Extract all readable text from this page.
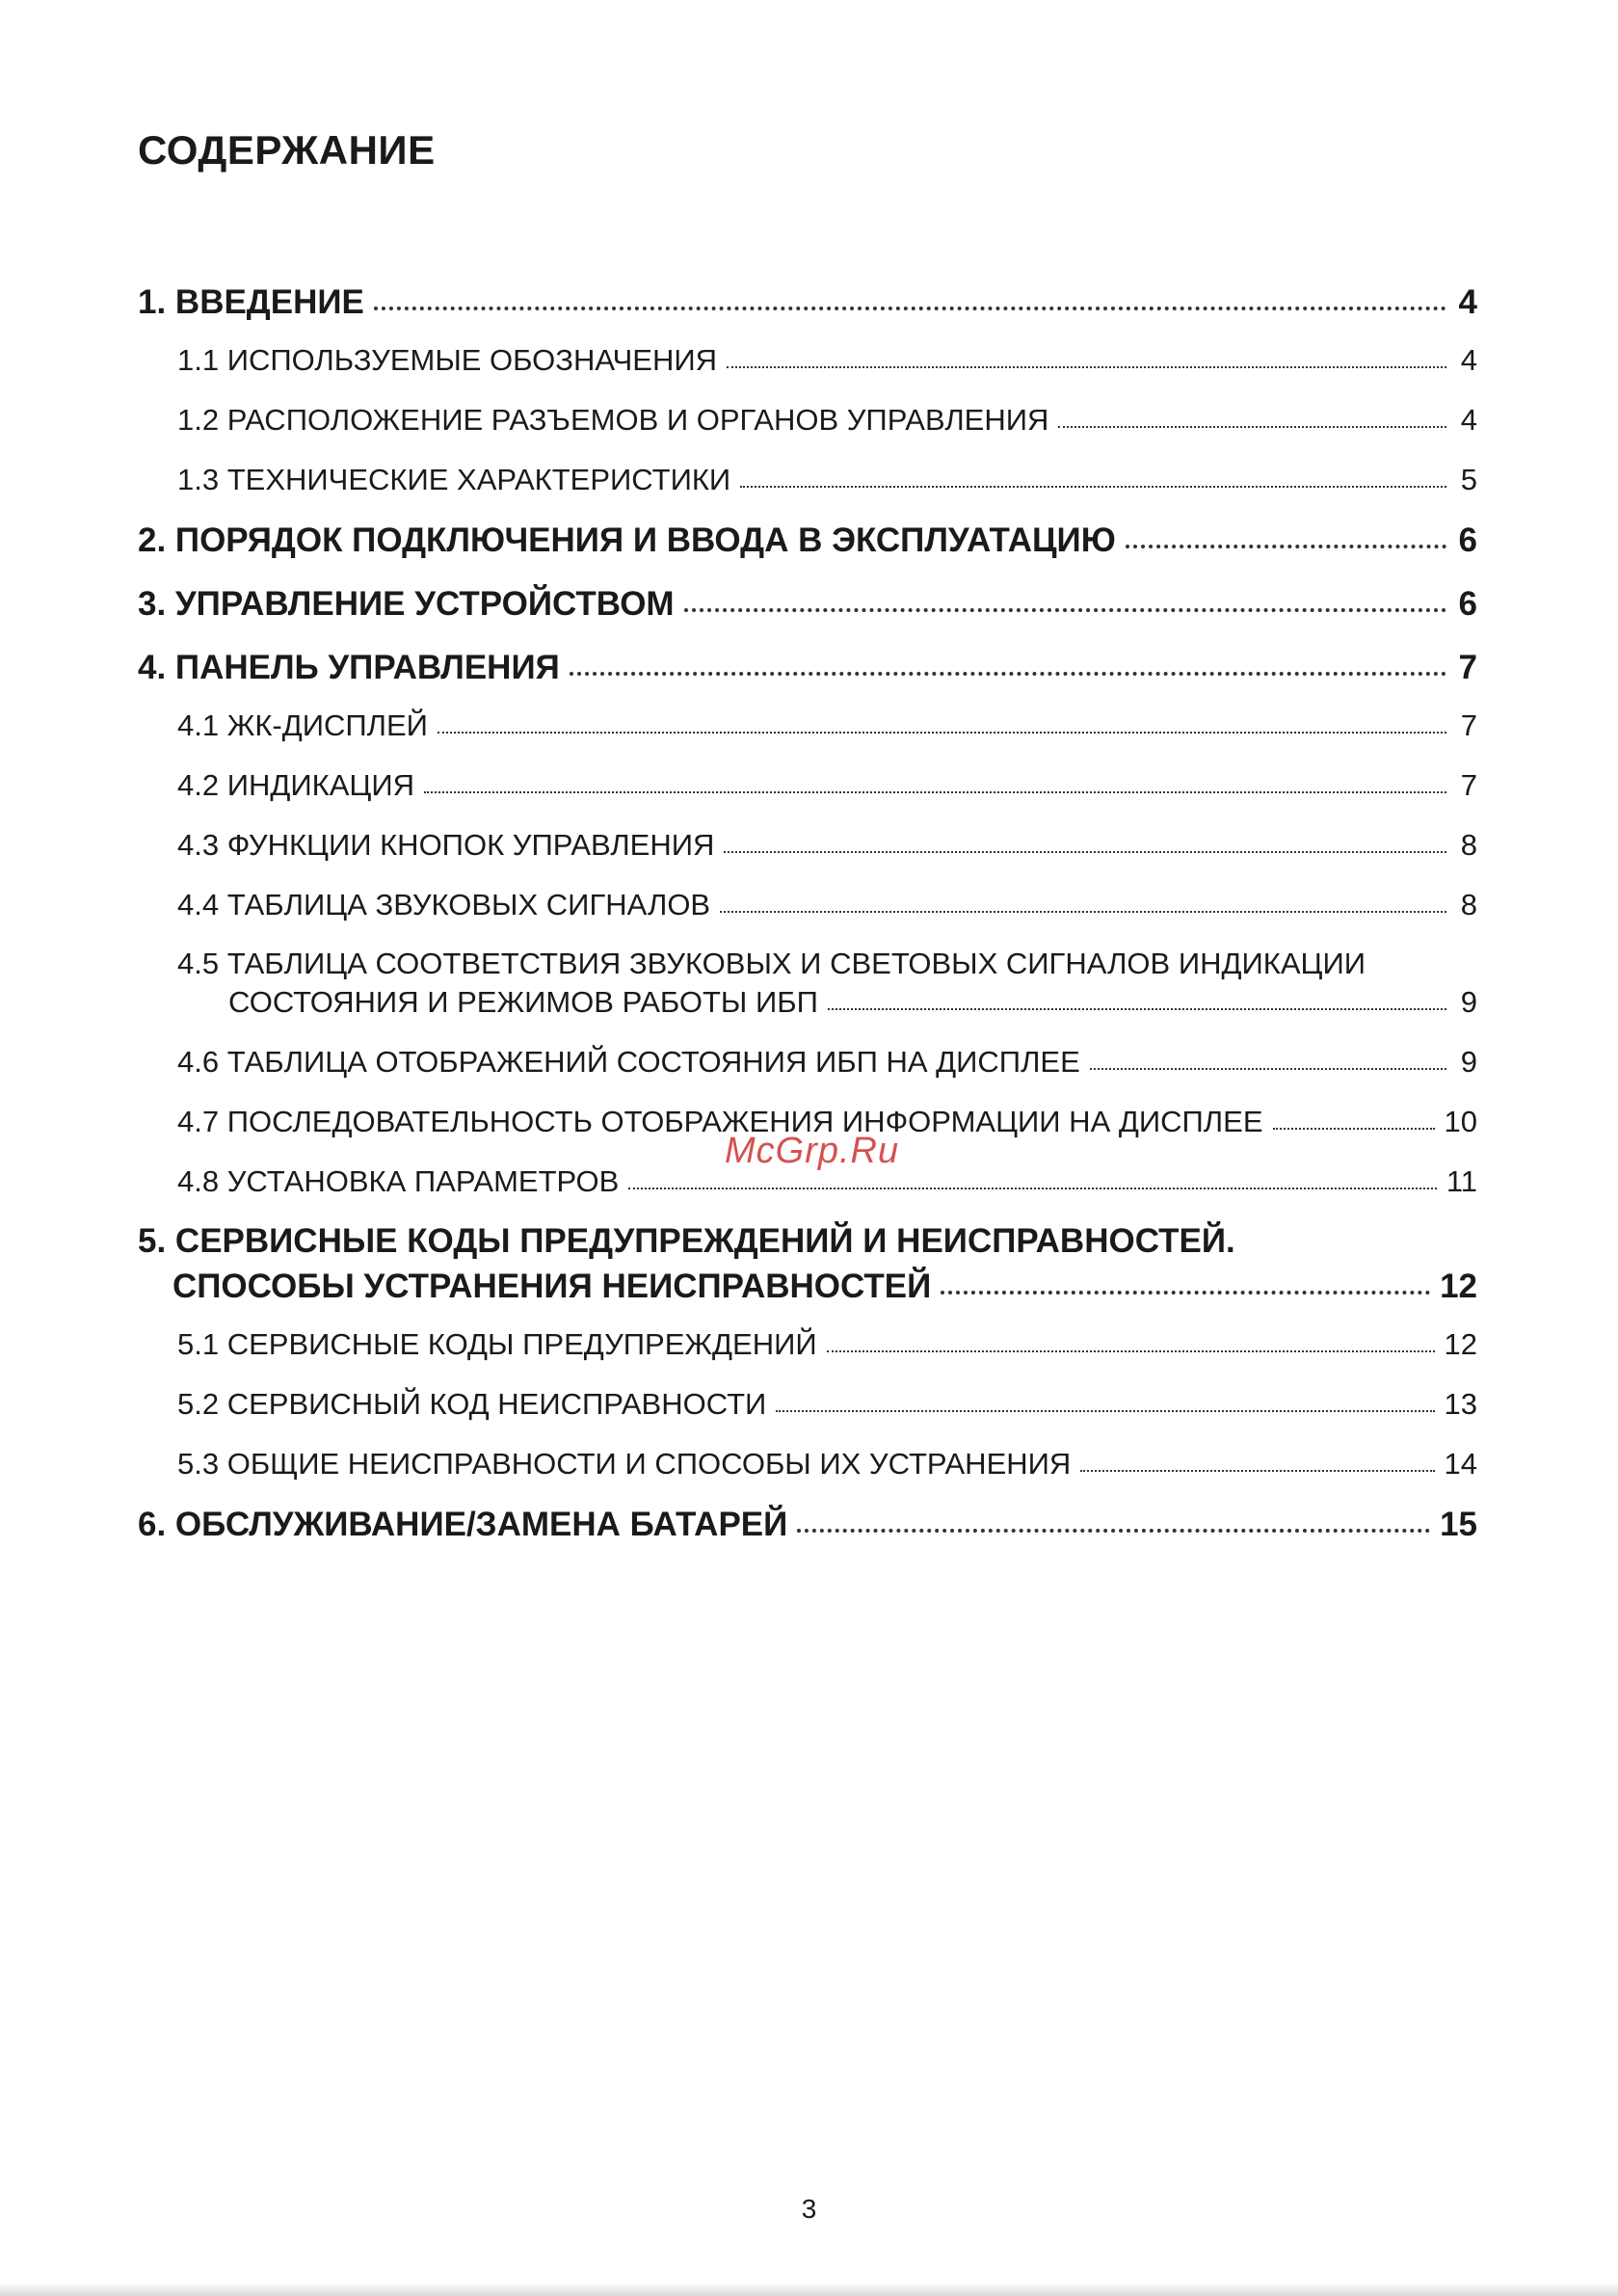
СОДЕРЖАНИЕ
1. ВВЕДЕНИЕ	4
1.1 ИСПОЛЬЗУЕМЫЕ ОБОЗНАЧЕНИЯ	4
1.2 РАСПОЛОЖЕНИЕ РАЗЪЕМОВ И ОРГАНОВ УПРАВЛЕНИЯ	4
1.3 ТЕХНИЧЕСКИЕ ХАРАКТЕРИСТИКИ	5
2. ПОРЯДОК ПОДКЛЮЧЕНИЯ И ВВОДА В ЭКСПЛУАТАЦИЮ	6
3. УПРАВЛЕНИЕ УСТРОЙСТВОМ	6
4. ПАНЕЛЬ УПРАВЛЕНИЯ	7
4.1 ЖК-ДИСПЛЕЙ	7
4.2 ИНДИКАЦИЯ	7
4.3 ФУНКЦИИ КНОПОК УПРАВЛЕНИЯ	8
4.4 ТАБЛИЦА ЗВУКОВЫХ СИГНАЛОВ	8
4.5 ТАБЛИЦА СООТВЕТСТВИЯ ЗВУКОВЫХ И СВЕТОВЫХ СИГНАЛОВ ИНДИКАЦИИ
СОСТОЯНИЯ И РЕЖИМОВ РАБОТЫ ИБП	9
4.6 ТАБЛИЦА ОТОБРАЖЕНИЙ СОСТОЯНИЯ ИБП НА ДИСПЛЕЕ	9
4.7 ПОСЛЕДОВАТЕЛЬНОСТЬ ОТОБРАЖЕНИЯ ИНФОРМАЦИИ НА ДИСПЛЕЕ	10
4.8 УСТАНОВКА ПАРАМЕТРОВ	11
5. СЕРВИСНЫЕ КОДЫ ПРЕДУПРЕЖДЕНИЙ И НЕИСПРАВНОСТЕЙ.
СПОСОБЫ УСТРАНЕНИЯ НЕИСПРАВНОСТЕЙ	12
5.1 СЕРВИСНЫЕ КОДЫ ПРЕДУПРЕЖДЕНИЙ	12
5.2 СЕРВИСНЫЙ КОД НЕИСПРАВНОСТИ	13
5.3 ОБЩИЕ НЕИСПРАВНОСТИ И СПОСОБЫ ИХ УСТРАНЕНИЯ	14
6. ОБСЛУЖИВАНИЕ/ЗАМЕНА БАТАРЕЙ	15
McGrp.Ru
3
